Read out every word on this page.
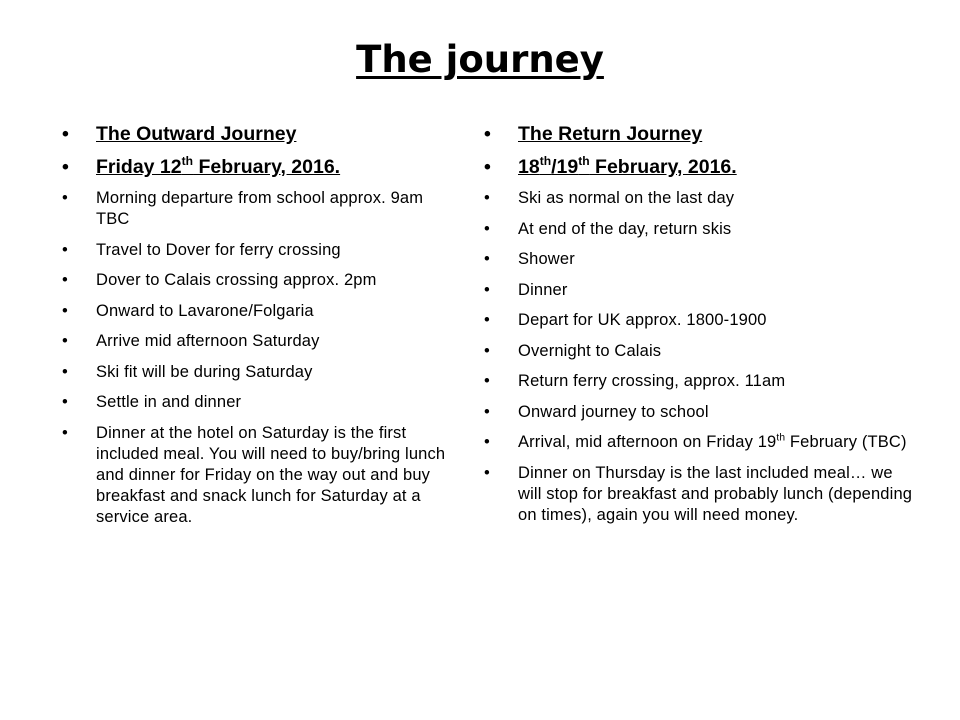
The journey
• The Outward Journey
• Friday 12th February, 2016.
• Morning departure from school approx. 9am TBC
• Travel to Dover for ferry crossing
• Dover to Calais crossing approx. 2pm
• Onward to Lavarone/Folgaria
• Arrive mid afternoon Saturday
• Ski fit will be during Saturday
• Settle in and dinner
• Dinner at the hotel on Saturday is the first included meal. You will need to buy/bring lunch and dinner for Friday on the way out and buy breakfast and snack lunch for Saturday at a service area.
• The Return Journey
• 18th/19th February, 2016.
• Ski as normal on the last day
• At end of the day, return skis
• Shower
• Dinner
• Depart for UK approx. 1800-1900
• Overnight to Calais
• Return ferry crossing, approx. 11am
• Onward journey to school
• Arrival, mid afternoon on Friday 19th February (TBC)
• Dinner on Thursday is the last included meal… we will stop for breakfast and probably lunch (depending on times), again you will need money.
